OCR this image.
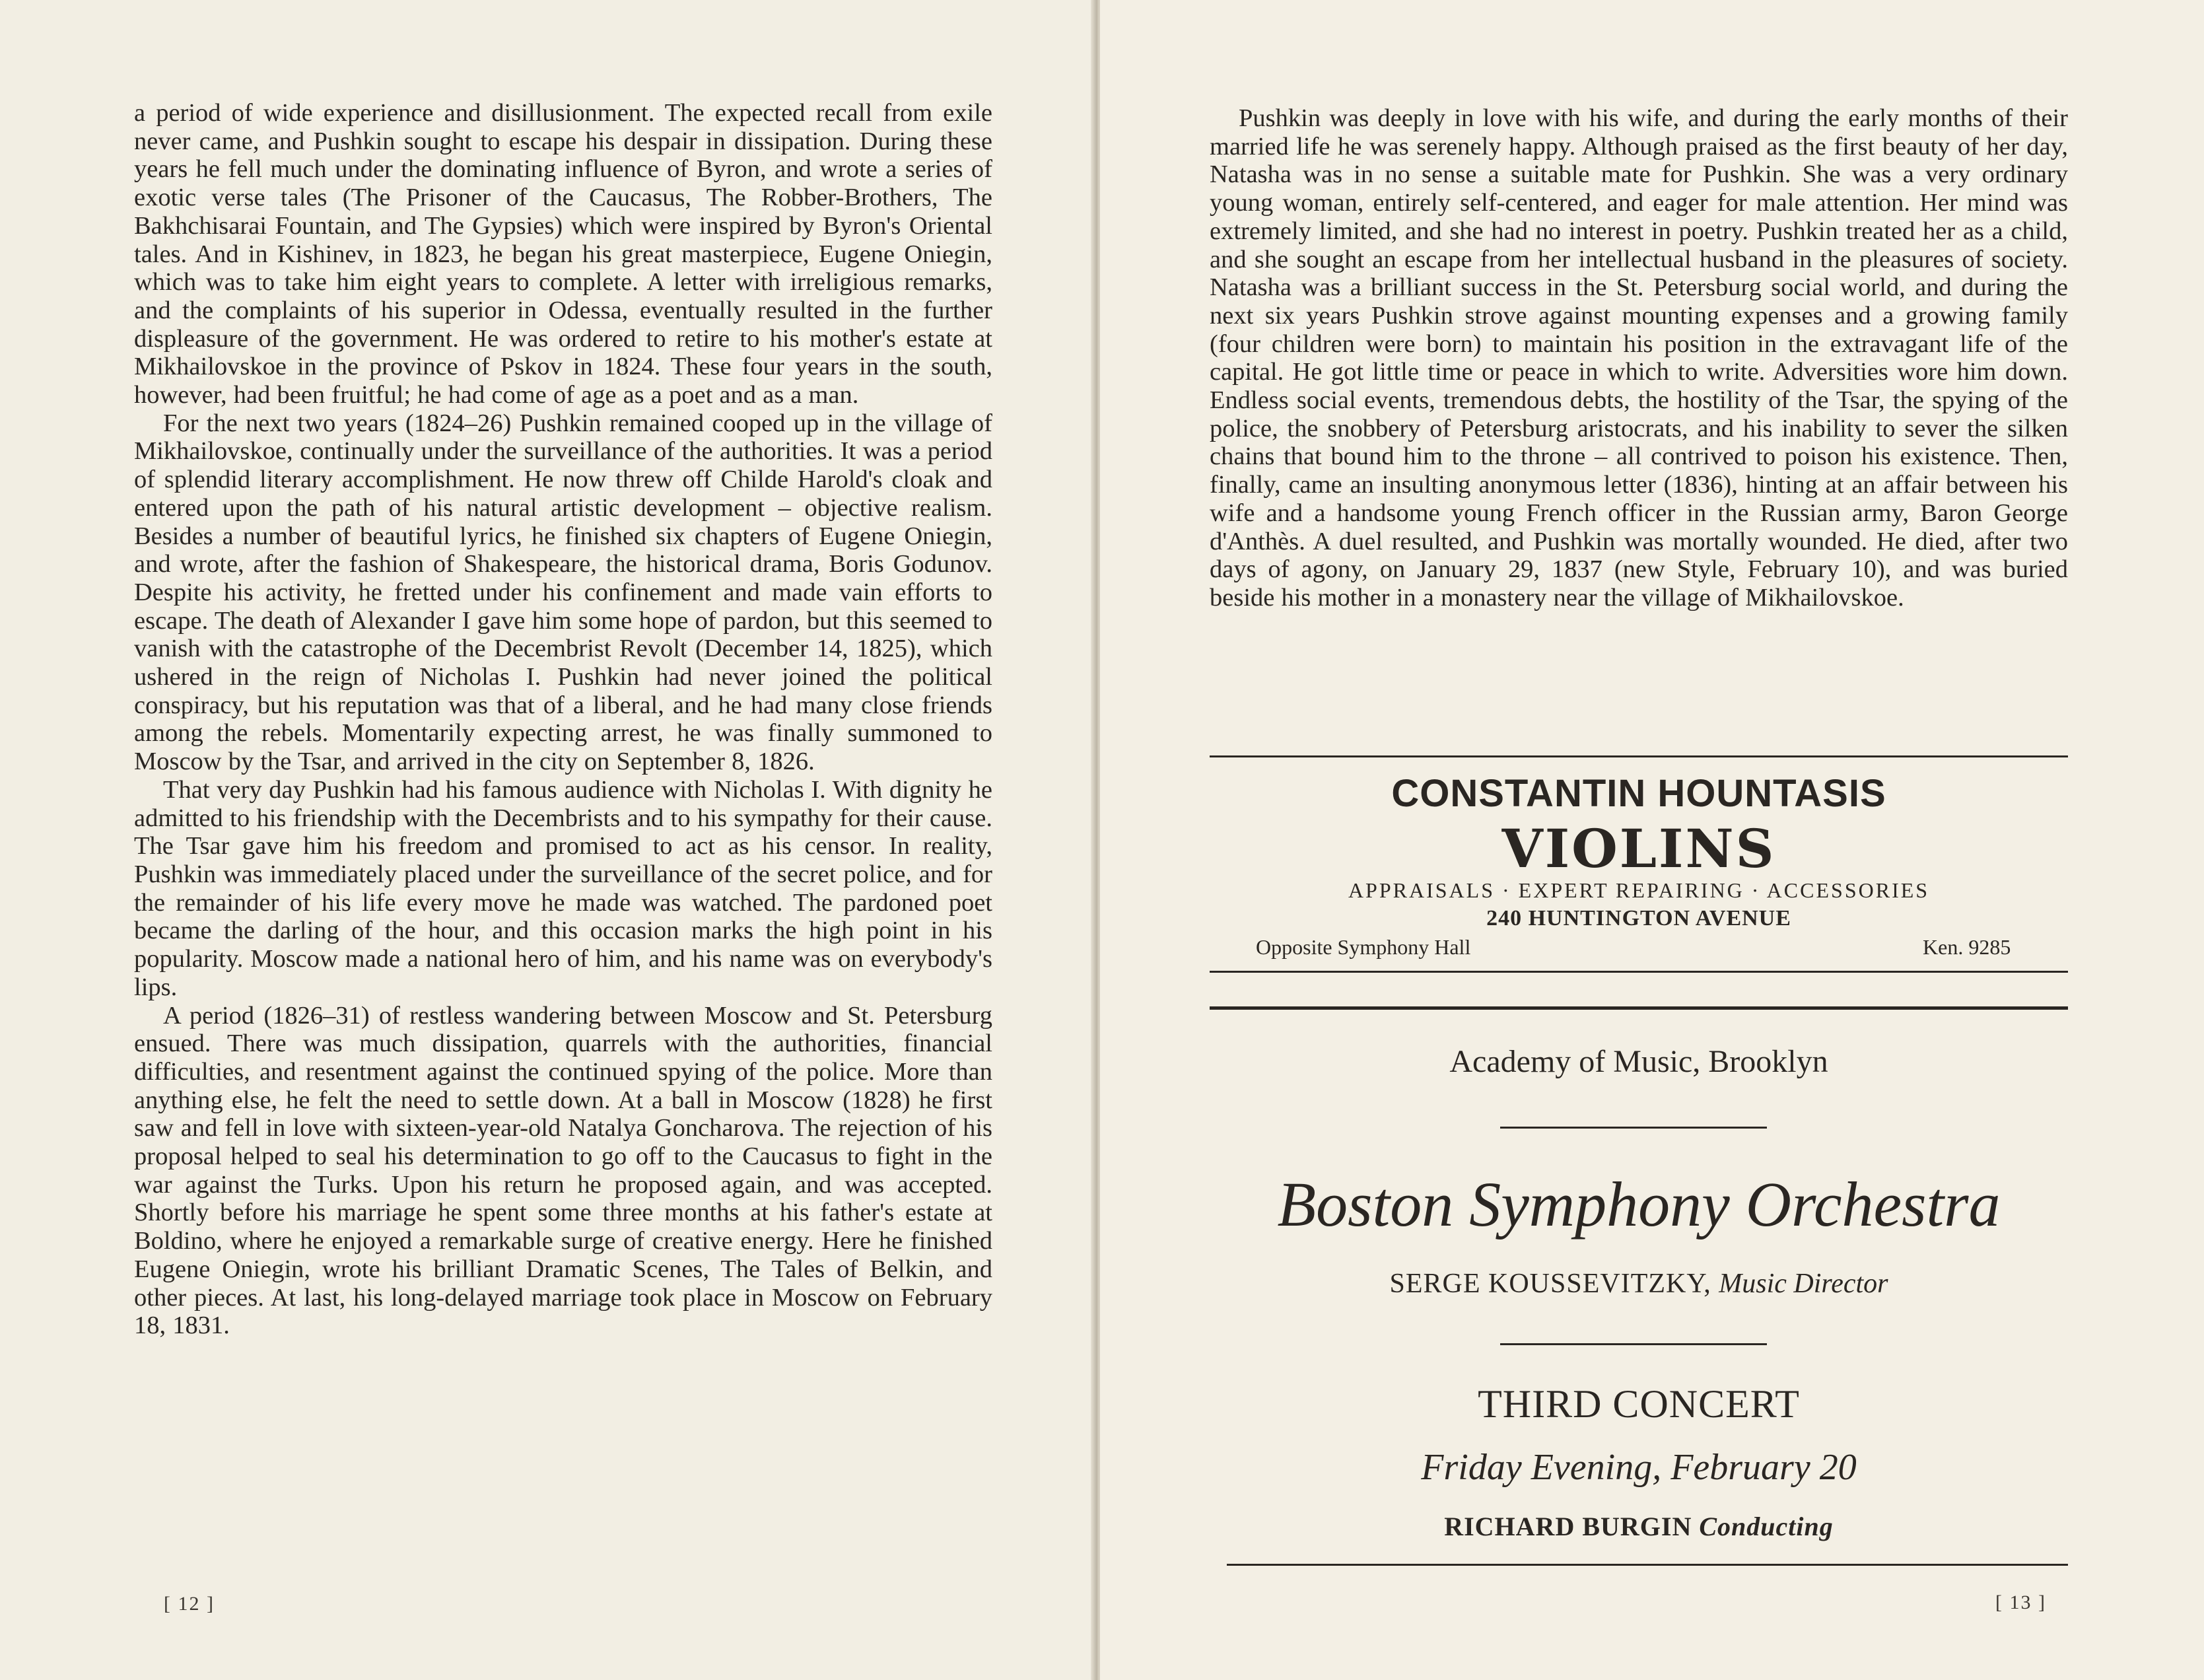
a period of wide experience and disillusionment. The expected recall from exile never came, and Pushkin sought to escape his despair in dissipation. During these years he fell much under the dominating influence of Byron, and wrote a series of exotic verse tales (The Prisoner of the Caucasus, The Robber-Brothers, The Bakhchisarai Fountain, and The Gypsies) which were inspired by Byron's Oriental tales. And in Kishinev, in 1823, he began his great masterpiece, Eugene Oniegin, which was to take him eight years to complete. A letter with irreligious remarks, and the complaints of his superior in Odessa, eventually resulted in the further displeasure of the government. He was ordered to retire to his mother's estate at Mikhailovskoe in the province of Pskov in 1824. These four years in the south, however, had been fruitful; he had come of age as a poet and as a man.

For the next two years (1824–26) Pushkin remained cooped up in the village of Mikhailovskoe, continually under the surveillance of the authorities. It was a period of splendid literary accomplishment. He now threw off Childe Harold's cloak and entered upon the path of his natural artistic development – objective realism. Besides a number of beautiful lyrics, he finished six chapters of Eugene Oniegin, and wrote, after the fashion of Shakespeare, the historical drama, Boris Godunov. Despite his activity, he fretted under his confinement and made vain efforts to escape. The death of Alexander I gave him some hope of pardon, but this seemed to vanish with the catastrophe of the Decembrist Revolt (December 14, 1825), which ushered in the reign of Nicholas I. Pushkin had never joined the political conspiracy, but his reputation was that of a liberal, and he had many close friends among the rebels. Momentarily expecting arrest, he was finally summoned to Moscow by the Tsar, and arrived in the city on September 8, 1826.

That very day Pushkin had his famous audience with Nicholas I. With dignity he admitted to his friendship with the Decembrists and to his sympathy for their cause. The Tsar gave him his freedom and promised to act as his censor. In reality, Pushkin was immediately placed under the surveillance of the secret police, and for the remainder of his life every move he made was watched. The pardoned poet became the darling of the hour, and this occasion marks the high point in his popularity. Moscow made a national hero of him, and his name was on everybody's lips.

A period (1826–31) of restless wandering between Moscow and St. Petersburg ensued. There was much dissipation, quarrels with the authorities, financial difficulties, and resentment against the continued spying of the police. More than anything else, he felt the need to settle down. At a ball in Moscow (1828) he first saw and fell in love with sixteen-year-old Natalya Goncharova. The rejection of his proposal helped to seal his determination to go off to the Caucasus to fight in the war against the Turks. Upon his return he proposed again, and was accepted. Shortly before his marriage he spent some three months at his father's estate at Boldino, where he enjoyed a remarkable surge of creative energy. Here he finished Eugene Oniegin, wrote his brilliant Dramatic Scenes, The Tales of Belkin, and other pieces. At last, his long-delayed marriage took place in Moscow on February 18, 1831.

[ 12 ]

Pushkin was deeply in love with his wife, and during the early months of their married life he was serenely happy. Although praised as the first beauty of her day, Natasha was in no sense a suitable mate for Pushkin. She was a very ordinary young woman, entirely self-centered, and eager for male attention. Her mind was extremely limited, and she had no interest in poetry. Pushkin treated her as a child, and she sought an escape from her intellectual husband in the pleasures of society. Natasha was a brilliant success in the St. Petersburg social world, and during the next six years Pushkin strove against mounting expenses and a growing family (four children were born) to maintain his position in the extravagant life of the capital. He got little time or peace in which to write. Adversities wore him down. Endless social events, tremendous debts, the hostility of the Tsar, the spying of the police, the snobbery of Petersburg aristocrats, and his inability to sever the silken chains that bound him to the throne – all contrived to poison his existence. Then, finally, came an insulting anonymous letter (1836), hinting at an affair between his wife and a handsome young French officer in the Russian army, Baron George d'Anthès. A duel resulted, and Pushkin was mortally wounded. He died, after two days of agony, on January 29, 1837 (new Style, February 10), and was buried beside his mother in a monastery near the village of Mikhailovskoe.

CONSTANTIN HOUNTASIS
VIOLINS
APPRAISALS · EXPERT REPAIRING · ACCESSORIES
240 HUNTINGTON AVENUE
Opposite Symphony Hall	Ken. 9285
Academy of Music, Brooklyn
Boston Symphony Orchestra
SERGE KOUSSEVITZKY, Music Director
THIRD CONCERT
Friday Evening, February 20
RICHARD BURGIN Conducting
[ 13 ]
